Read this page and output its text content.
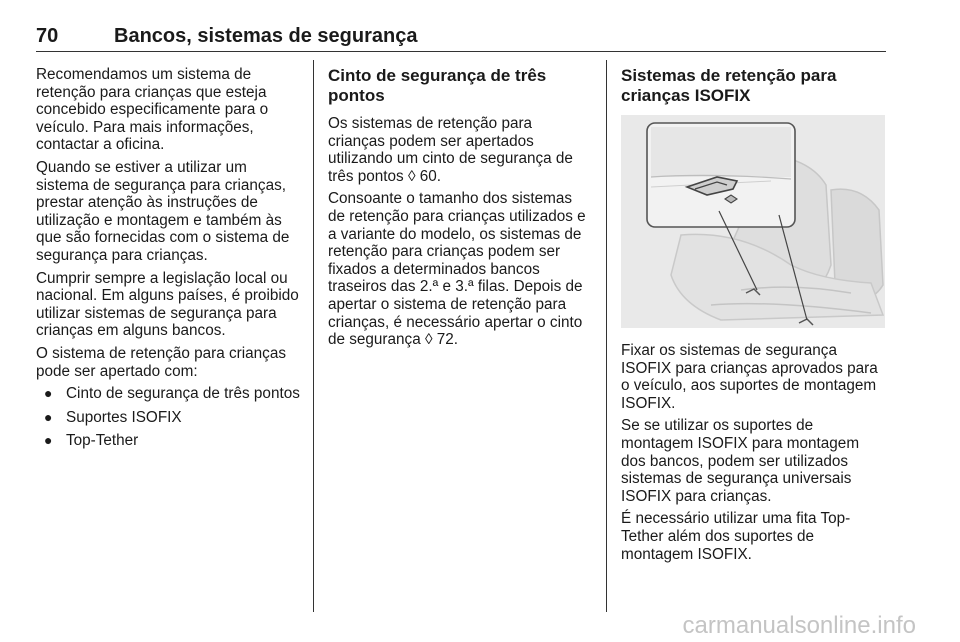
70	Bancos, sistemas de segurança

Recomendamos um sistema de retenção para crianças que esteja concebido especificamente para o veículo. Para mais informações, contactar a oficina.

Quando se estiver a utilizar um sistema de segurança para crianças, prestar atenção às instruções de utilização e montagem e também às que são fornecidas com o sistema de segurança para crianças.

Cumprir sempre a legislação local ou nacional. Em alguns países, é proibido utilizar sistemas de segurança para crianças em alguns bancos.

O sistema de retenção para crianças pode ser apertado com:

● Cinto de segurança de três pontos
● Suportes ISOFIX
● Top-Tether
Cinto de segurança de três pontos

Os sistemas de retenção para crianças podem ser apertados utilizando um cinto de segurança de três pontos ◊ 60.

Consoante o tamanho dos sistemas de retenção para crianças utilizados e a variante do modelo, os sistemas de retenção para crianças podem ser fixados a determinados bancos traseiros das 2.ª e 3.ª filas. Depois de apertar o sistema de retenção para crianças, é necessário apertar o cinto de segurança ◊ 72.

Sistemas de retenção para crianças ISOFIX

Fixar os sistemas de segurança ISOFIX para crianças aprovados para o veículo, aos suportes de montagem ISOFIX.

Se se utilizar os suportes de montagem ISOFIX para montagem dos bancos, podem ser utilizados sistemas de segurança universais ISOFIX para crianças.

É necessário utilizar uma fita Top-Tether além dos suportes de montagem ISOFIX.

carmanualsonline.info
